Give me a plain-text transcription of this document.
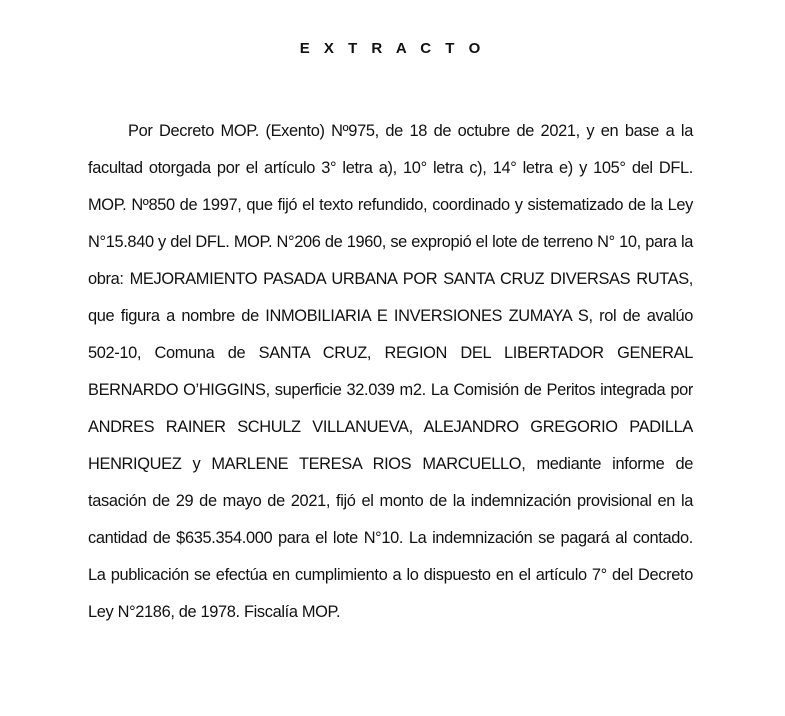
E X T R A C T O

Por Decreto MOP. (Exento) Nº975, de 18 de octubre de 2021, y en base a la facultad otorgada por el artículo 3° letra a), 10° letra c), 14° letra e) y 105° del DFL. MOP. Nº850 de 1997, que fijó el texto refundido, coordinado y sistematizado de la Ley N°15.840 y del DFL. MOP. N°206 de 1960, se expropió el lote de terreno N° 10, para la obra: MEJORAMIENTO PASADA URBANA POR SANTA CRUZ DIVERSAS RUTAS, que figura a nombre de INMOBILIARIA E INVERSIONES ZUMAYA S, rol de avalúo 502-10, Comuna de SANTA CRUZ, REGION DEL LIBERTADOR GENERAL BERNARDO O’HIGGINS, superficie 32.039 m2. La Comisión de Peritos integrada por ANDRES RAINER SCHULZ VILLANUEVA, ALEJANDRO GREGORIO PADILLA HENRIQUEZ y MARLENE TERESA RIOS MARCUELLO, mediante informe de tasación de 29 de mayo de 2021, fijó el monto de la indemnización provisional en la cantidad de $635.354.000 para el lote N°10. La indemnización se pagará al contado. La publicación se efectúa en cumplimiento a lo dispuesto en el artículo 7° del Decreto Ley N°2186, de 1978. Fiscalía MOP.
